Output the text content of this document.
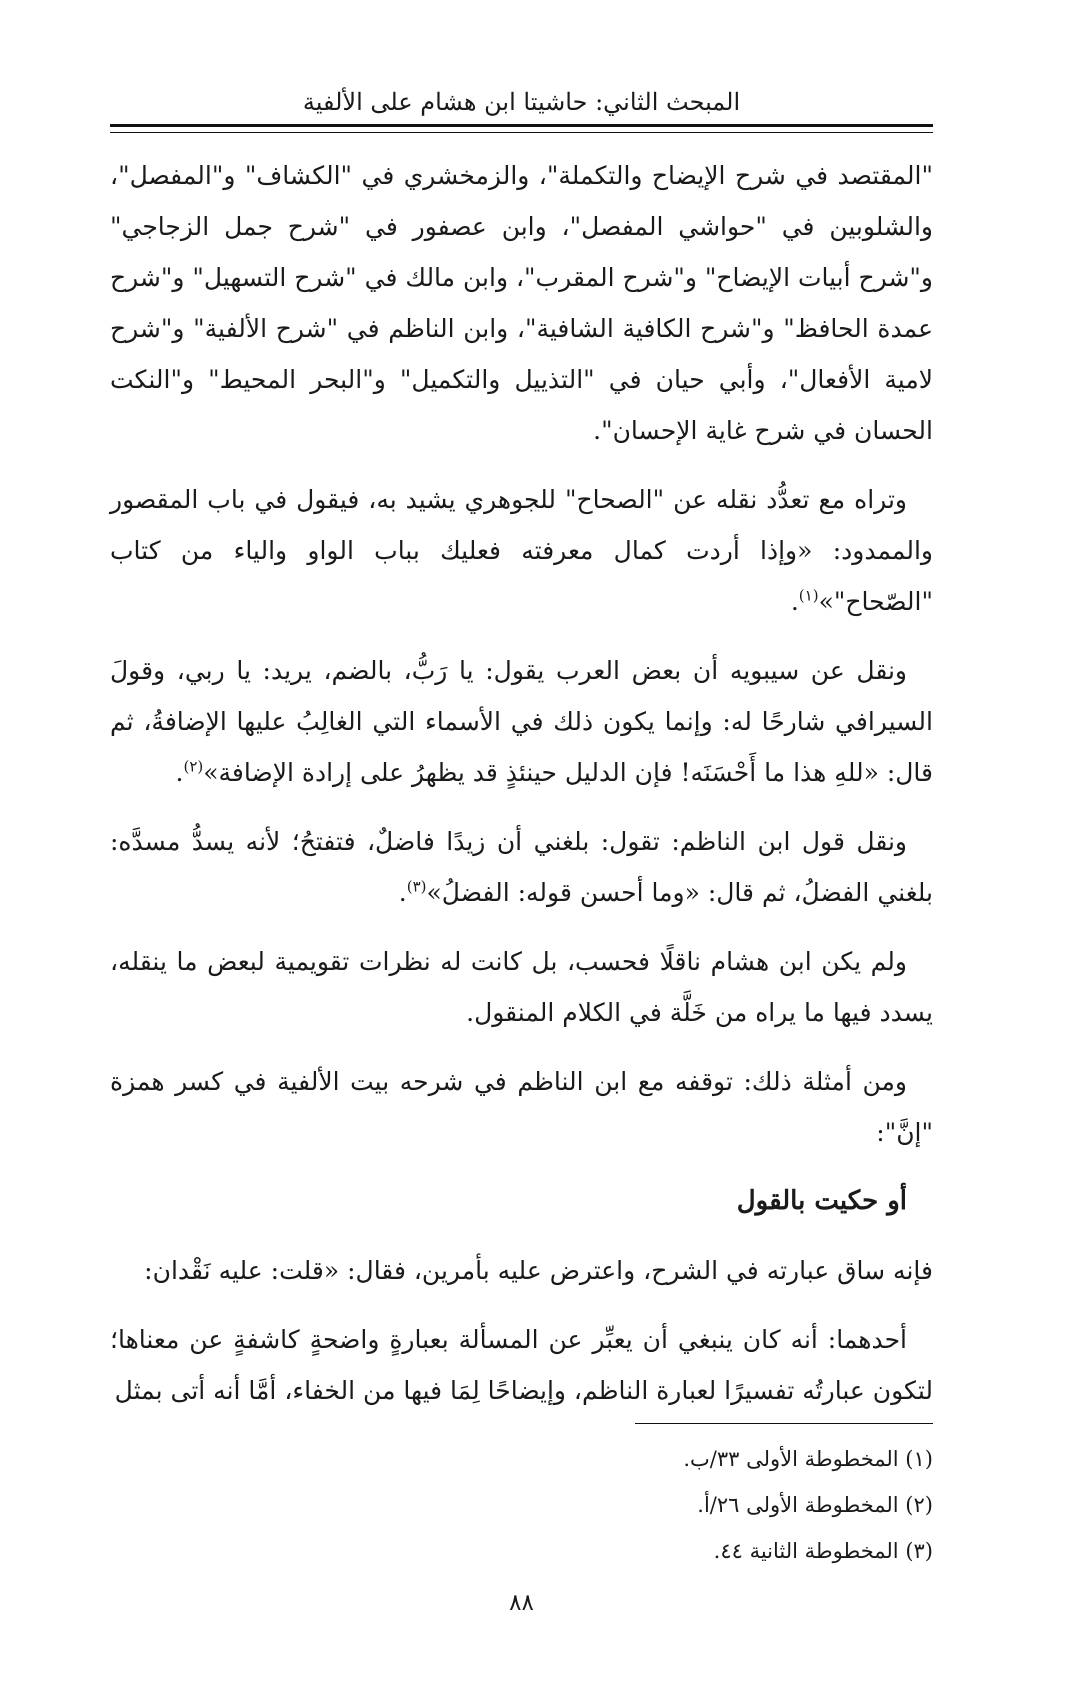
المبحث الثاني: حاشيتا ابن هشام على الألفية

"المقتصد في شرح الإيضاح والتكملة"، والزمخشري في "الكشاف" و"المفصل"، والشلوبين في "حواشي المفصل"، وابن عصفور في "شرح جمل الزجاجي" و"شرح أبيات الإيضاح" و"شرح المقرب"، وابن مالك في "شرح التسهيل" و"شرح عمدة الحافظ" و"شرح الكافية الشافية"، وابن الناظم في "شرح الألفية" و"شرح لامية الأفعال"، وأبي حيان في "التذييل والتكميل" و"البحر المحيط" و"النكت الحسان في شرح غاية الإحسان".

وتراه مع تعدُّد نقله عن "الصحاح" للجوهري يشيد به، فيقول في باب المقصور والممدود: «وإذا أردت كمال معرفته فعليك بباب الواو والياء من كتاب "الصّحاح"»$^{(١)}$.

ونقل عن سيبويه أن بعض العرب يقول: يا رَبُّ، بالضم، يريد: يا ربي، وقولَ السيرافي شارحًا له: وإنما يكون ذلك في الأسماء التي الغالِبُ عليها الإضافةُ، ثم قال: «للهِ هذا ما أَحْسَنَه! فإن الدليل حينئذٍ قد يظهرُ على إرادة الإضافة»$^{(٢)}$.

ونقل قول ابن الناظم: تقول: بلغني أن زيدًا فاضلٌ، فتفتحُ؛ لأنه يسدُّ مسدَّه: بلغني الفضلُ، ثم قال: «وما أحسن قوله: الفضلُ»$^{(٣)}$.

ولم يكن ابن هشام ناقلًا فحسب، بل كانت له نظرات تقويمية لبعض ما ينقله، يسدد فيها ما يراه من خَلَّة في الكلام المنقول.

ومن أمثلة ذلك: توقفه مع ابن الناظم في شرحه بيت الألفية في كسر همزة "إنَّ":

أو حكيت بالقول

فإنه ساق عبارته في الشرح، واعترض عليه بأمرين، فقال: «قلت: عليه نَقْدان:

أحدهما: أنه كان ينبغي أن يعبِّر عن المسألة بعبارةٍ واضحةٍ كاشفةٍ عن معناها؛ لتكون عبارتُه تفسيرًا لعبارة الناظم، وإيضاحًا لِمَا فيها من الخفاء، أمَّا أنه أتى بمثل

(١) المخطوطة الأولى ٣٣/ب.

(٢) المخطوطة الأولى ٢٦/أ.

(٣) المخطوطة الثانية ٤٤.

٨٨
